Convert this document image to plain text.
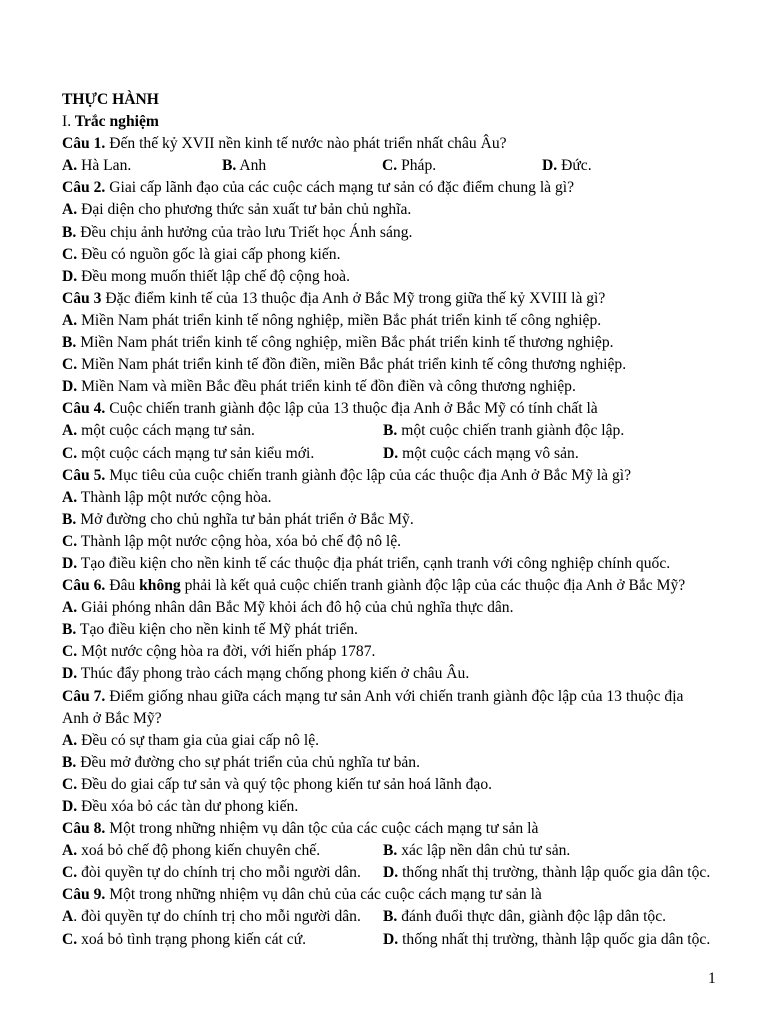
THỰC HÀNH
I. Trắc nghiệm
Câu 1. Đến thế kỷ XVII nền kinh tế nước nào phát triển nhất châu Âu?
A. Hà Lan.	B. Anh	C. Pháp.	D. Đức.
Câu 2. Giai cấp lãnh đạo của các cuộc cách mạng tư sản có đặc điểm chung là gì?
A. Đại diện cho phương thức sản xuất tư bản chủ nghĩa.
B. Đều chịu ảnh hưởng của trào lưu Triết học Ánh sáng.
C. Đều có nguồn gốc là giai cấp phong kiến.
D. Đều mong muốn thiết lập chế độ cộng hoà.
Câu 3 Đặc điểm kinh tế của 13 thuộc địa Anh ở Bắc Mỹ trong giữa thế kỷ XVIII là gì?
A. Miền Nam phát triển kinh tế nông nghiệp, miền Bắc phát triển kinh tế công nghiệp.
B. Miền Nam phát triển kinh tế công nghiệp, miền Bắc phát triển kinh tế thương nghiệp.
C. Miền Nam phát triển kinh tế đồn điền, miền Bắc phát triển kinh tế công thương nghiệp.
D. Miền Nam và miền Bắc đều phát triển kinh tế đồn điền và công thương nghiệp.
Câu 4. Cuộc chiến tranh giành độc lập của 13 thuộc địa Anh ở Bắc Mỹ có tính chất là
A. một cuộc cách mạng tư sản.	B. một cuộc chiến tranh giành độc lập.
C. một cuộc cách mạng tư sản kiểu mới.	D. một cuộc cách mạng vô sản.
Câu 5. Mục tiêu của cuộc chiến tranh giành độc lập của các thuộc địa Anh ở Bắc Mỹ là gì?
A. Thành lập một nước cộng hòa.
B. Mở đường cho chủ nghĩa tư bản phát triển ở Bắc Mỹ.
C. Thành lập một nước cộng hòa, xóa bỏ chế độ nô lệ.
D. Tạo điều kiện cho nền kinh tế các thuộc địa phát triển, cạnh tranh với công nghiệp chính quốc.
Câu 6. Đâu không phải là kết quả cuộc chiến tranh giành độc lập của các thuộc địa Anh ở Bắc Mỹ?
A. Giải phóng nhân dân Bắc Mỹ khỏi ách đô hộ của chủ nghĩa thực dân.
B. Tạo điều kiện cho nền kinh tế Mỹ phát triển.
C. Một nước cộng hòa ra đời, với hiến pháp 1787.
D. Thúc đẩy phong trào cách mạng chống phong kiến ở châu Âu.
Câu 7. Điểm giống nhau giữa cách mạng tư sản Anh với chiến tranh giành độc lập của 13 thuộc địa
Anh ở Bắc Mỹ?
A. Đều có sự tham gia của giai cấp nô lệ.
B. Đều mở đường cho sự phát triển của chủ nghĩa tư bản.
C. Đều do giai cấp tư sản và quý tộc phong kiến tư sản hoá lãnh đạo.
D. Đều xóa bỏ các tàn dư phong kiến.
Câu 8. Một trong những nhiệm vụ dân tộc của các cuộc cách mạng tư sản là
A. xoá bỏ chế độ phong kiến chuyên chế.	B. xác lập nền dân chủ tư sản.
C. đòi quyền tự do chính trị cho mỗi người dân.	D. thống nhất thị trường, thành lập quốc gia dân tộc.
Câu 9. Một trong những nhiệm vụ dân chủ của các cuộc cách mạng tư sản là
A. đòi quyền tự do chính trị cho mỗi người dân.	B. đánh đuổi thực dân, giành độc lập dân tộc.
C. xoá bỏ tình trạng phong kiến cát cứ.	D. thống nhất thị trường, thành lập quốc gia dân tộc.
1
